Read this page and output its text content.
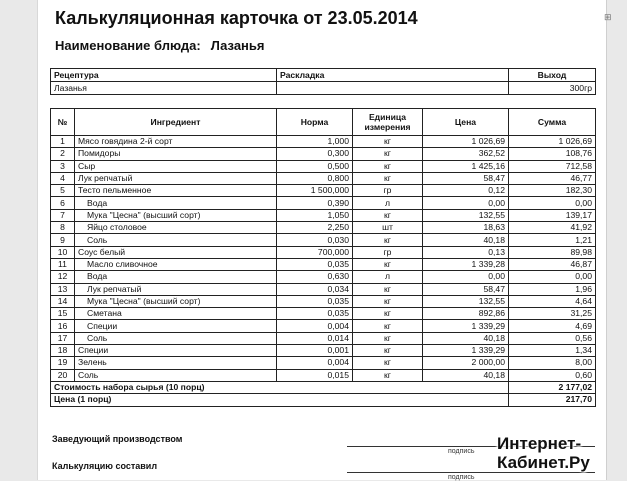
⊞
Калькуляционная карточка от 23.05.2014
Наименование блюда: Лазанья
Рецептура	Раскладка	Выход
Лазанья		300гр
№	Ингредиент	Норма	Единица измерения	Цена	Сумма
1	Мясо говядина 2-й сорт	1,000	кг	1 026,69	1 026,69
2	Помидоры	0,300	кг	362,52	108,76
3	Сыр	0,500	кг	1 425,16	712,58
4	Лук репчатый	0,800	кг	58,47	46,77
5	Тесто пельменное	1 500,000	гр	0,12	182,30
6	Вода	0,390	л	0,00	0,00
7	Мука "Цесна" (высший сорт)	1,050	кг	132,55	139,17
8	Яйцо столовое	2,250	шт	18,63	41,92
9	Соль	0,030	кг	40,18	1,21
10	Соус белый	700,000	гр	0,13	89,98
11	Масло сливочное	0,035	кг	1 339,28	46,87
12	Вода	0,630	л	0,00	0,00
13	Лук репчатый	0,034	кг	58,47	1,96
14	Мука "Цесна" (высший сорт)	0,035	кг	132,55	4,64
15	Сметана	0,035	кг	892,86	31,25
16	Специи	0,004	кг	1 339,29	4,69
17	Соль	0,014	кг	40,18	0,56
18	Специи	0,001	кг	1 339,29	1,34
19	Зелень	0,004	кг	2 000,00	8,00
20	Соль	0,015	кг	40,18	0,60
Стоимость набора сырья (10 порц)					2 177,02
Цена (1 порц)					217,70
Заведующий производством
подпись
Калькуляцию составил
подпись
Интернет-
Кабинет.Ру
